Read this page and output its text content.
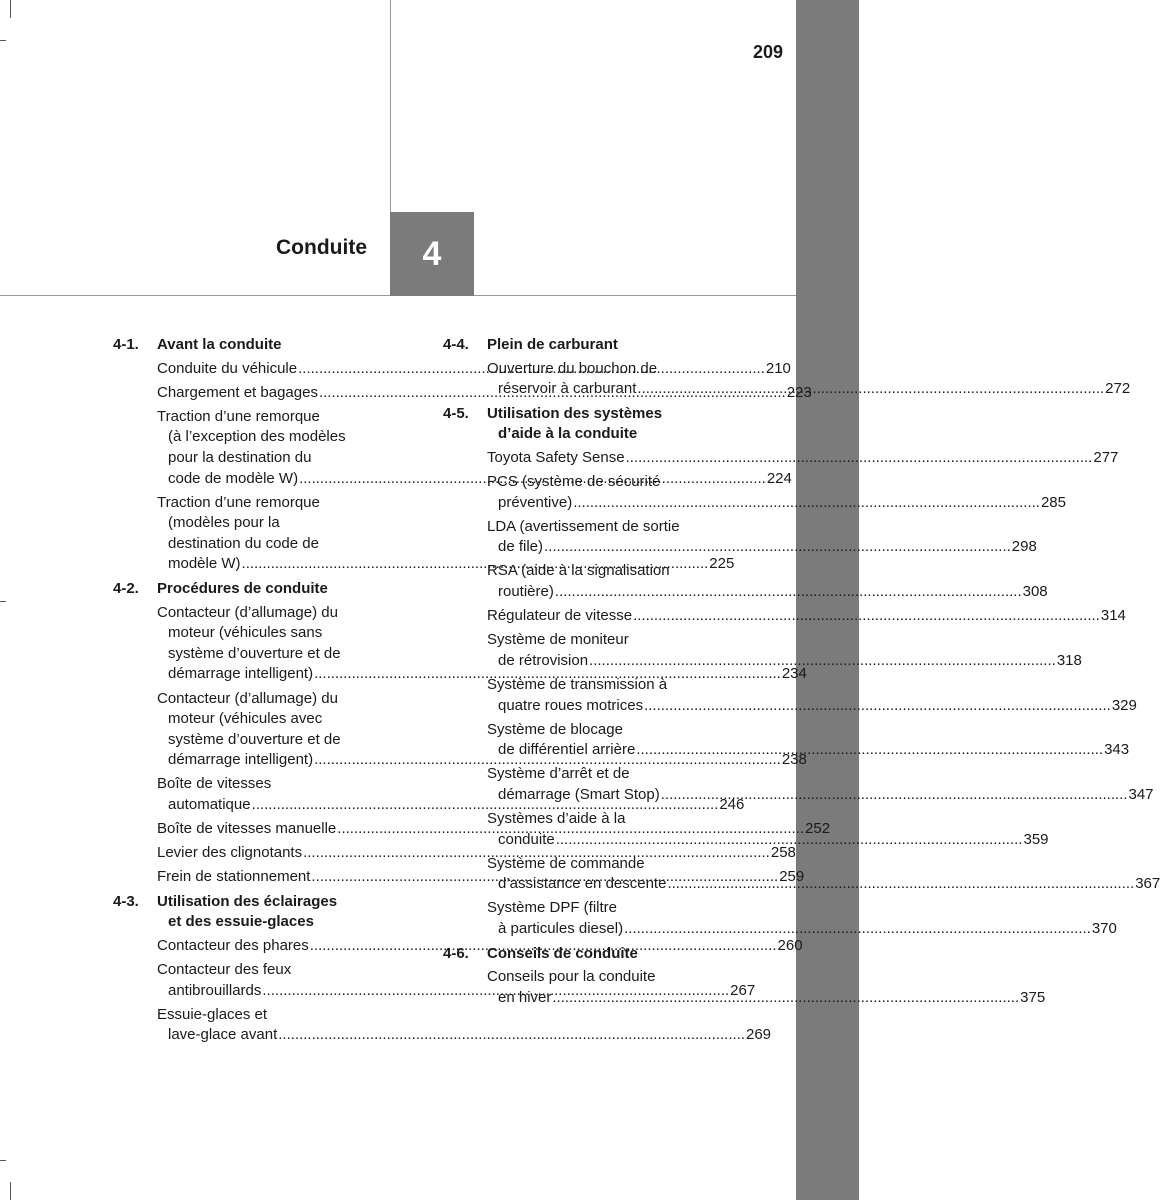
209
Conduite 4
4-1. Avant la conduite
Conduite du véhicule .....	210
Chargement et bagages .....	223
Traction d’une remorque
(à l’exception des modèles
pour la destination du
code de modèle W) .....	224
Traction d’une remorque
(modèles pour la
destination du code de
modèle W) .....	225
4-2. Procédures de conduite
Contacteur (d’allumage) du
moteur (véhicules sans
système d’ouverture et de
démarrage intelligent) .....	234
Contacteur (d’allumage) du
moteur (véhicules avec
système d’ouverture et de
démarrage intelligent) .....	238
Boîte de vitesses
automatique .....	246
Boîte de vitesses manuelle .....	252
Levier des clignotants .....	258
Frein de stationnement .....	259
4-3. Utilisation des éclairages
et des essuie-glaces
Contacteur des phares .....	260
Contacteur des feux
antibrouillards .....	267
Essuie-glaces et
lave-glace avant .....	269
4-4. Plein de carburant
Ouverture du bouchon de
réservoir à carburant .....	272
4-5. Utilisation des systèmes
d’aide à la conduite
Toyota Safety Sense .....	277
PCS (système de sécurité
préventive) .....	285
LDA (avertissement de sortie
de file) .....	298
RSA (aide à la signalisation
routière) .....	308
Régulateur de vitesse .....	314
Système de moniteur
de rétrovision .....	318
Système de transmission à
quatre roues motrices .....	329
Système de blocage
de différentiel arrière .....	343
Système d’arrêt et de
démarrage (Smart Stop) .....	347
Systèmes d’aide à la
conduite .....	359
Système de commande
d’assistance en descente .....	367
Système DPF (filtre
à particules diesel) .....	370
4-6. Conseils de conduite
Conseils pour la conduite
en hiver .....	375
